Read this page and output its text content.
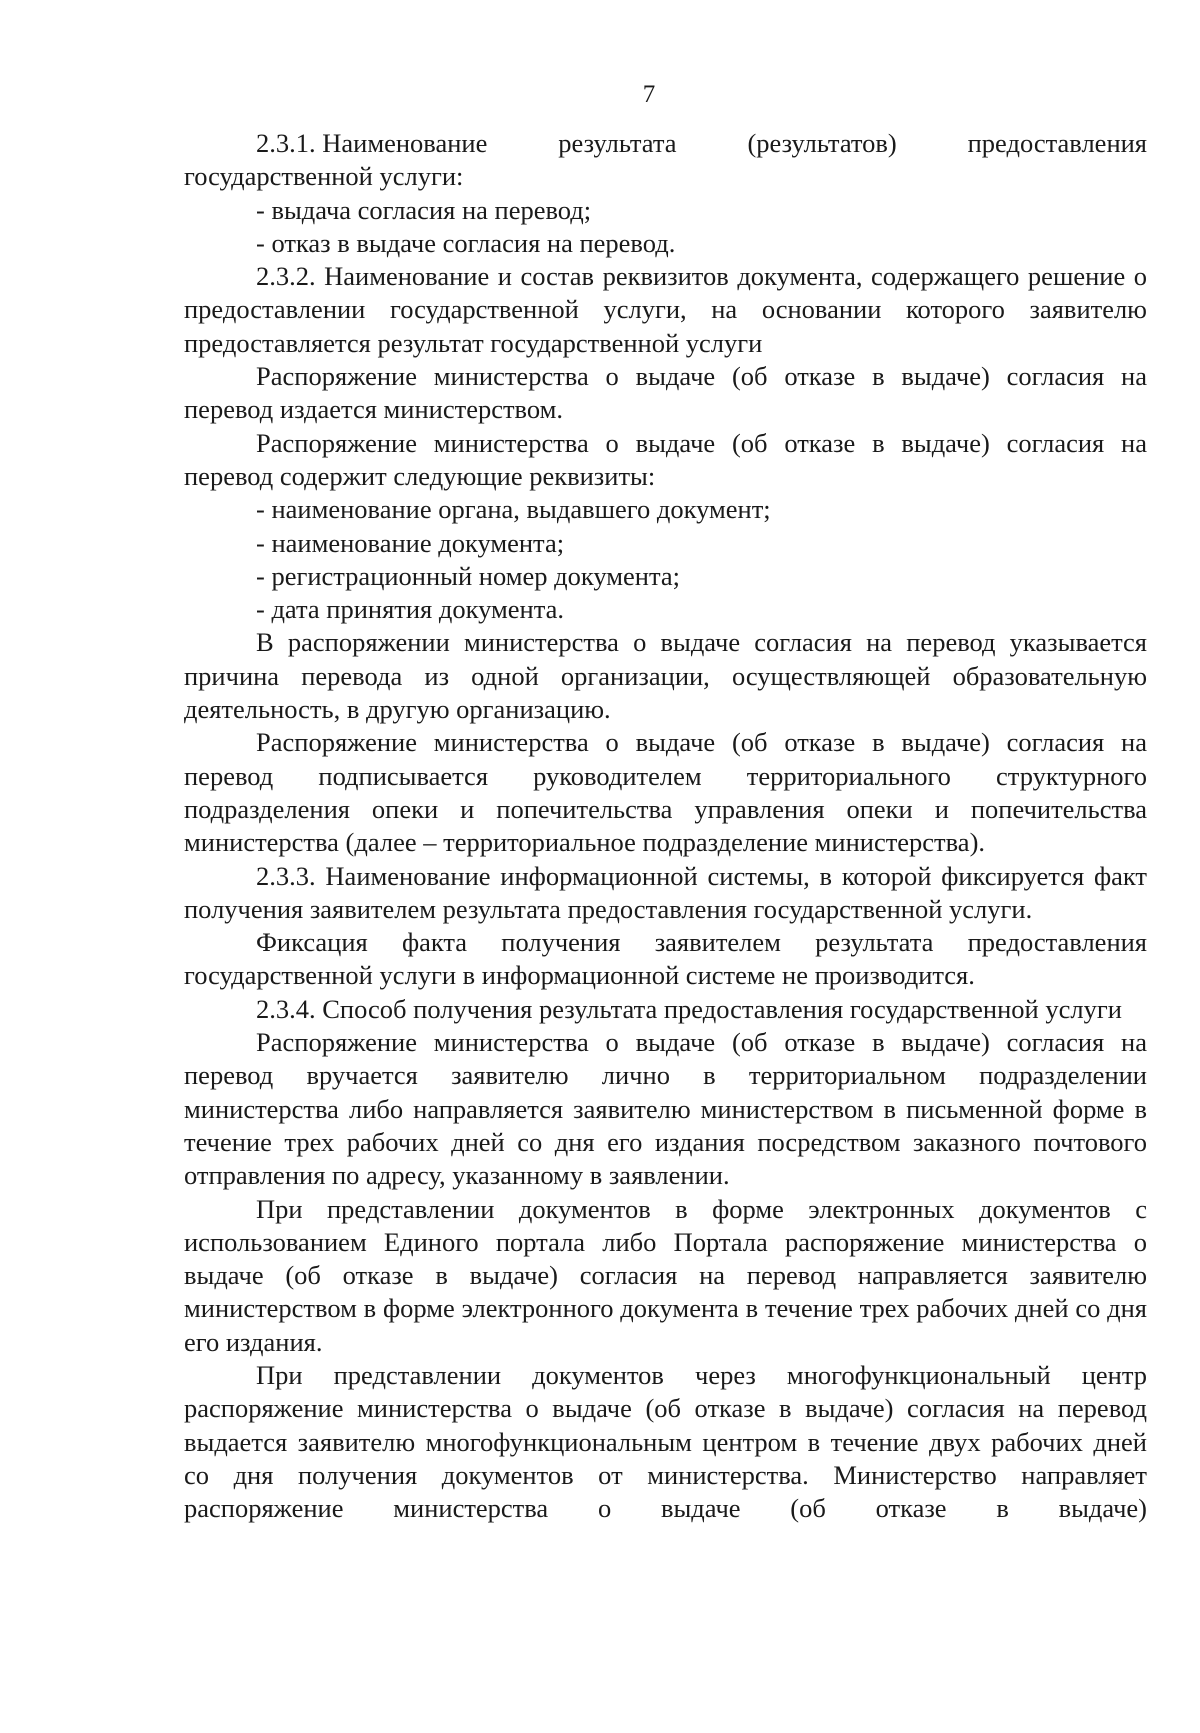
7
2.3.1. Наименование	результата	(результатов)	предоставления

государственной услуги:

- выдача согласия на перевод;

- отказ в выдаче согласия на перевод.

2.3.2. Наименование и состав реквизитов документа, содержащего решение о предоставлении государственной услуги, на основании которого заявителю предоставляется результат государственной услуги

Распоряжение министерства о выдаче (об отказе в выдаче) согласия на перевод издается министерством.

Распоряжение министерства о выдаче (об отказе в выдаче) согласия на перевод содержит следующие реквизиты:

- наименование органа, выдавшего документ;

- наименование документа;

- регистрационный номер документа;

- дата принятия документа.

В распоряжении министерства о выдаче согласия на перевод указывается причина перевода из одной организации, осуществляющей образовательную деятельность, в другую организацию.

Распоряжение министерства о выдаче (об отказе в выдаче) согласия на перевод подписывается руководителем территориального структурного подразделения опеки и попечительства управления опеки и попечительства министерства (далее – территориальное подразделение министерства).

2.3.3. Наименование информационной системы, в которой фиксируется факт получения заявителем результата предоставления государственной услуги.

Фиксация факта получения заявителем результата предоставления государственной услуги в информационной системе не производится.

2.3.4. Способ получения результата предоставления государственной услуги

Распоряжение министерства о выдаче (об отказе в выдаче) согласия на перевод вручается заявителю лично в территориальном подразделении министерства либо направляется заявителю министерством в письменной форме в течение трех рабочих дней со дня его издания посредством заказного почтового отправления по адресу, указанному в заявлении.

При представлении документов в форме электронных документов с использованием Единого портала либо Портала распоряжение министерства о выдаче (об отказе в выдаче) согласия на перевод направляется заявителю министерством в форме электронного документа в течение трех рабочих дней со дня его издания.

При представлении документов через многофункциональный центр распоряжение министерства о выдаче (об отказе в выдаче) согласия на перевод выдается заявителю многофункциональным центром в течение двух рабочих дней со дня получения документов от министерства. Министерство направляет распоряжение министерства о выдаче (об отказе в выдаче)
